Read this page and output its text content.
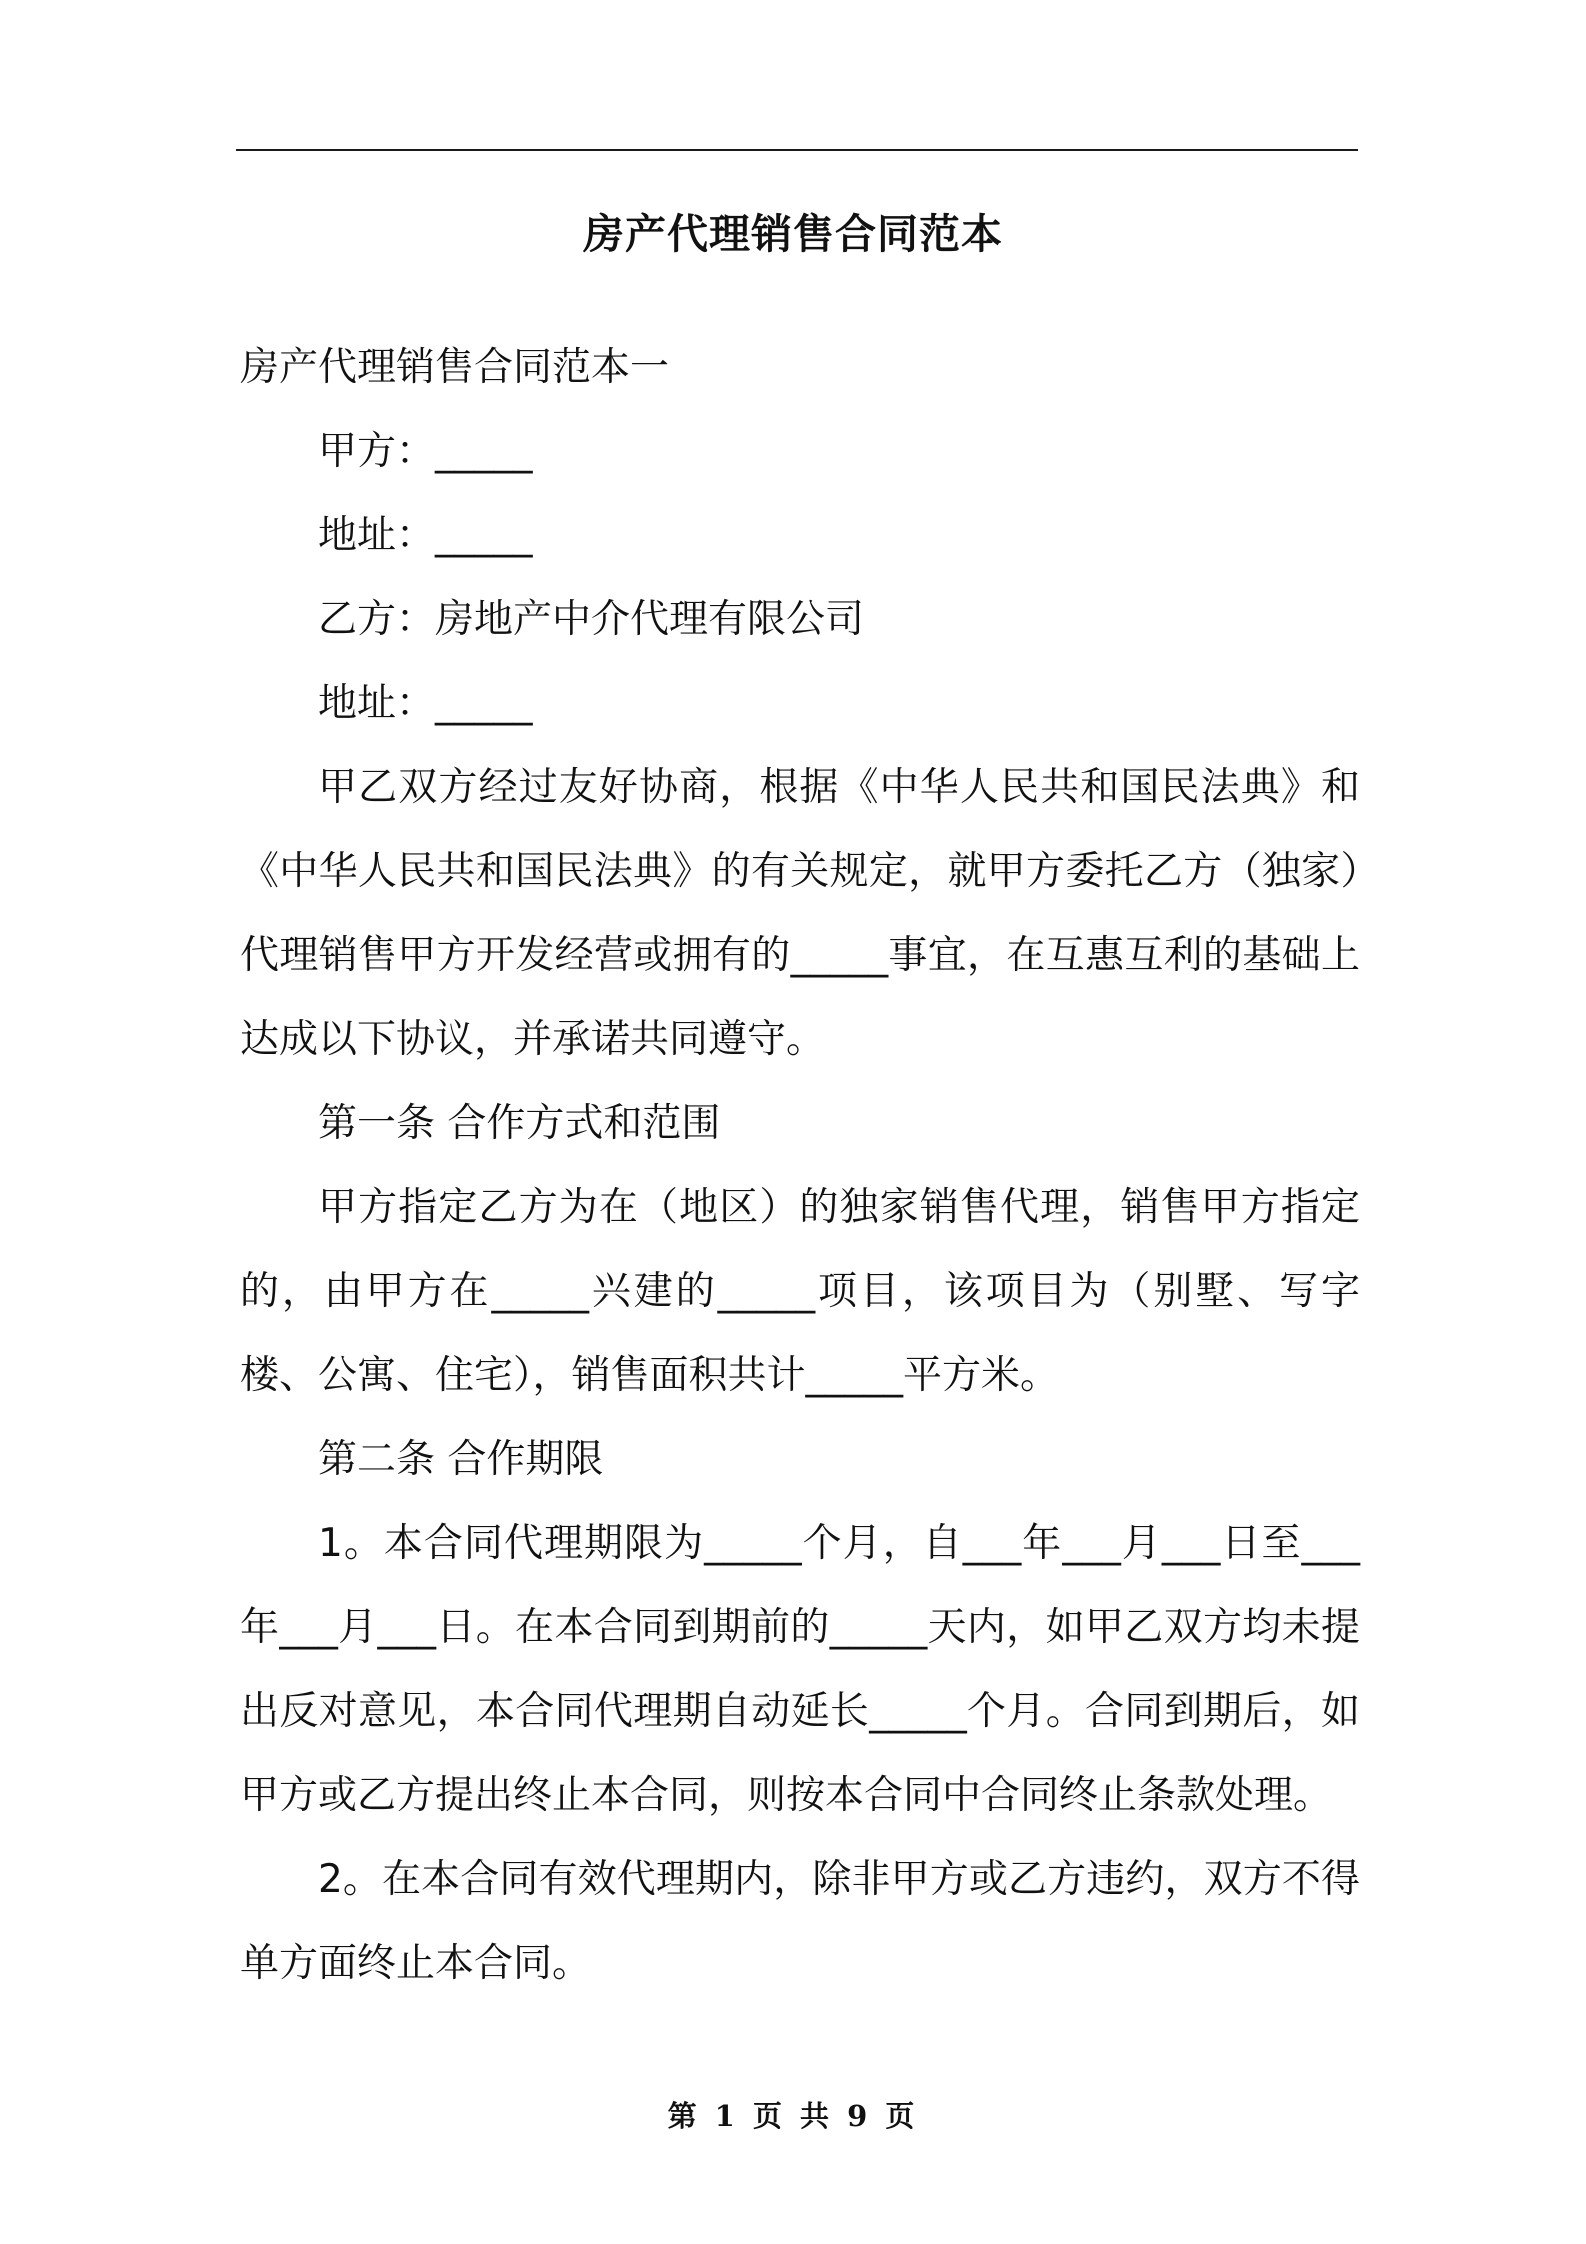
房产代理销售合同范本

房产代理销售合同范本一

甲方：_____

地址：_____

乙方：房地产中介代理有限公司

地址：_____

甲乙双方经过友好协商，根据《中华人民共和国民法典》和《中华人民共和国民法典》的有关规定，就甲方委托乙方（独家）代理销售甲方开发经营或拥有的_____事宜，在互惠互利的基础上达成以下协议，并承诺共同遵守。

第一条 合作方式和范围

甲方指定乙方为在（地区）的独家销售代理，销售甲方指定的，由甲方在_____兴建的_____项目，该项目为（别墅、写字楼、公寓、住宅），销售面积共计_____平方米。

第二条 合作期限

1。本合同代理期限为_____个月，自___年___月___日至___年___月___日。在本合同到期前的_____天内，如甲乙双方均未提出反对意见，本合同代理期自动延长_____个月。合同到期后，如甲方或乙方提出终止本合同，则按本合同中合同终止条款处理。

2。在本合同有效代理期内，除非甲方或乙方违约，双方不得单方面终止本合同。

第 1 页 共 9 页
